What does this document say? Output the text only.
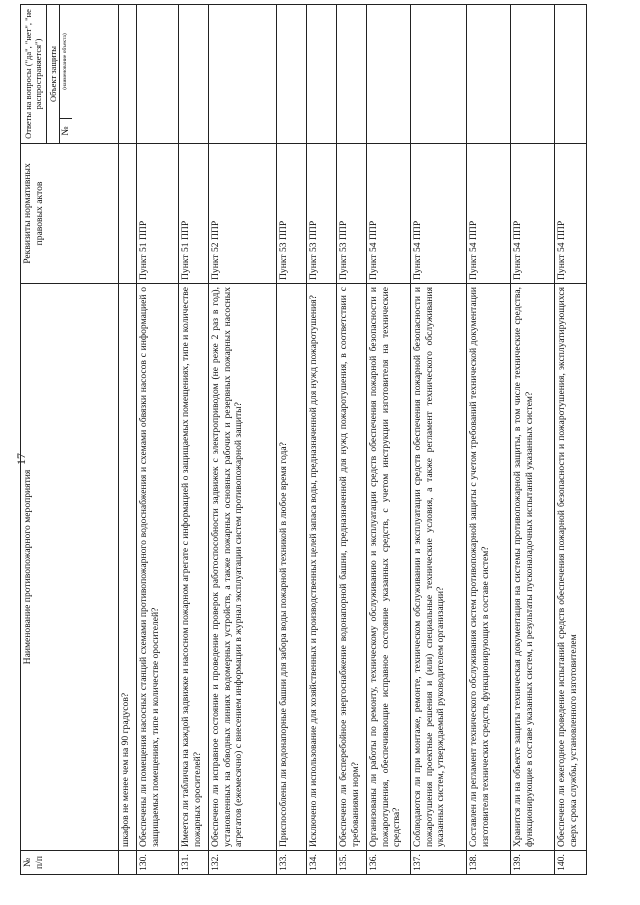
17
№ п/п	Наименование противопожарного мероприятия	Реквизиты нормативных правовых актов	Ответы на вопросы ("да", "нет", "не распространяется") Объект защиты
№
(наименование объекта)

	шкафов не менее чем на 90 градусов?		
130.	Обеспечены ли помещения насосных станций схемами противопожарного водоснабжения и схемами обвязки насосов с информацией о защищаемых помещениях, типе и количестве оросителей?	Пункт 51 ППР	
131.	Имеется ли табличка на каждой задвижке и насосном пожарном агрегате с информацией о защищаемых помещениях, типе и количестве пожарных оросителей?	Пункт 51 ППР	
132.	Обеспечено ли исправное состояние и проведение проверок работоспособности задвижек с электроприводом (не реже 2 раз в год), установленных на обводных линиях водомерных устройств, а также пожарных основных рабочих и резервных пожарных насосных агрегатов (ежемесячно) с внесением информации в журнал эксплуатации систем противопожарной защиты?	Пункт 52 ППР	
133.	Приспособлены ли водонапорные башни для забора воды пожарной техникой в любое время года?	Пункт 53 ППР	
134.	Исключено ли использование для хозяйственных и производственных целей запаса воды, предназначенной для нужд пожаротушения?	Пункт 53 ППР	
135.	Обеспечено ли бесперебойное энергоснабжение водонапорной башни, предназначенной для нужд пожаротушения, в соответствии с требованиями норм?	Пункт 53 ППР	
136.	Организованы ли работы по ремонту, техническому обслуживанию и эксплуатации средств обеспечения пожарной безопасности и пожаротушения, обеспечивающие исправное состояние указанных средств, с учетом инструкции изготовителя на технические средства?	Пункт 54 ППР	
137.	Соблюдаются ли при монтаже, ремонте, техническом обслуживании и эксплуатации средств обеспечения пожарной безопасности и пожаротушения проектные решения и (или) специальные технические условия, а также регламент технического обслуживания указанных систем, утверждаемый руководителем организации?	Пункт 54 ППР	
138.	Составлен ли регламент технического обслуживания систем противопожарной защиты с учетом требований технической документации изготовителя технических средств, функционирующих в составе систем?	Пункт 54 ППР	
139.	Хранится ли на объекте защиты техническая документация на системы противопожарной защиты, в том числе технические средства, функционирующие в составе указанных систем, и результаты пусконаладочных испытаний указанных систем?	Пункт 54 ППР	
140.	Обеспечено ли ежегодное проведение испытаний средств обеспечения пожарной безопасности и пожаротушения, эксплуатирующихся сверх срока службы, установленного изготовителем	Пункт 54 ППР	
